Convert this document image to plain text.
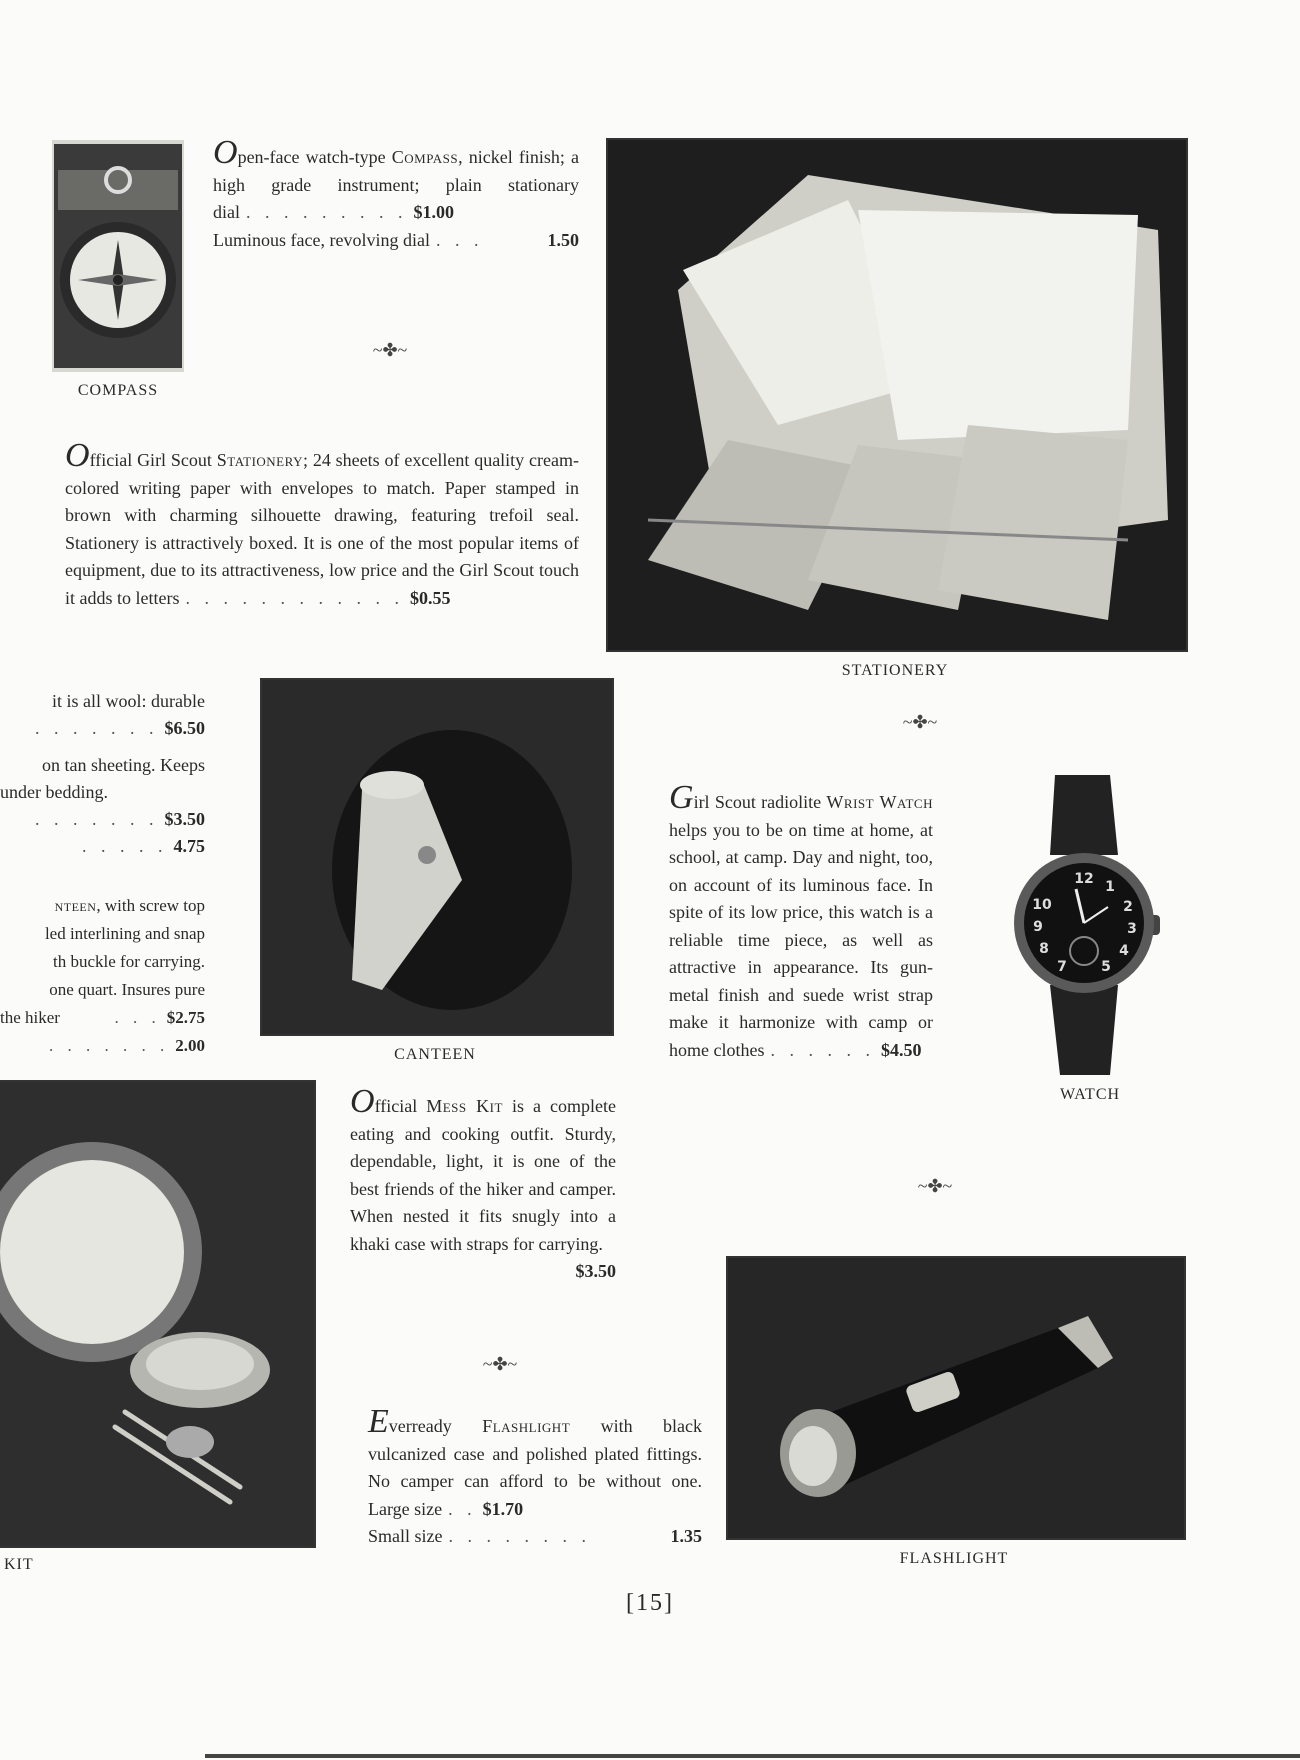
COMPASS

Open-face watch-type Compass, nickel finish; a high grade instrument; plain stationary dial . . . . . . . . . $1.00

Luminous face, revolving dial . . .	1.50
~✤~

Official Girl Scout Stationery; 24 sheets of excellent quality cream-colored writing paper with envelopes to match. Paper stamped in brown with charming silhouette drawing, featuring trefoil seal. Stationery is attractively boxed. It is one of the most popular items of equipment, due to its attractiveness, low price and the Girl Scout touch it adds to letters . . . . . . . . . . . . $0.55

STATIONERY
~✤~
it is all wool: durable
. . . . . . . $6.50
on tan sheeting. Keeps
under bedding.
. . . . . . . $3.50
. . . . . 4.75
nteen, with screw top
led interlining and snap
th buckle for carrying.
one quart. Insures pure
the hiker	. . . $2.75
. . . . . . . 2.00	CANTEEN

Girl Scout radiolite Wrist Watch helps you to be on time at home, at school, at camp. Day and night, too, on account of its luminous face. In spite of its low price, this watch is a reliable time piece, as well as attractive in appearance. Its gun-metal finish and suede wrist strap make it harmonize with camp or home clothes . . . . . . $4.50

12 1
2
3
4
5
7
8
9
10
WATCH
~✤~
KIT

Official Mess Kit is a complete eating and cooking outfit. Sturdy, dependable, light, it is one of the best friends of the hiker and camper. When nested it fits snugly into a khaki case with straps for carrying.

$3.50
~✤~

Everready Flashlight with black vulcanized case and polished plated fittings. No camper can afford to be without one. Large size . . $1.70

Small size . . . . . . . .	1.35
FLASHLIGHT
[15]
